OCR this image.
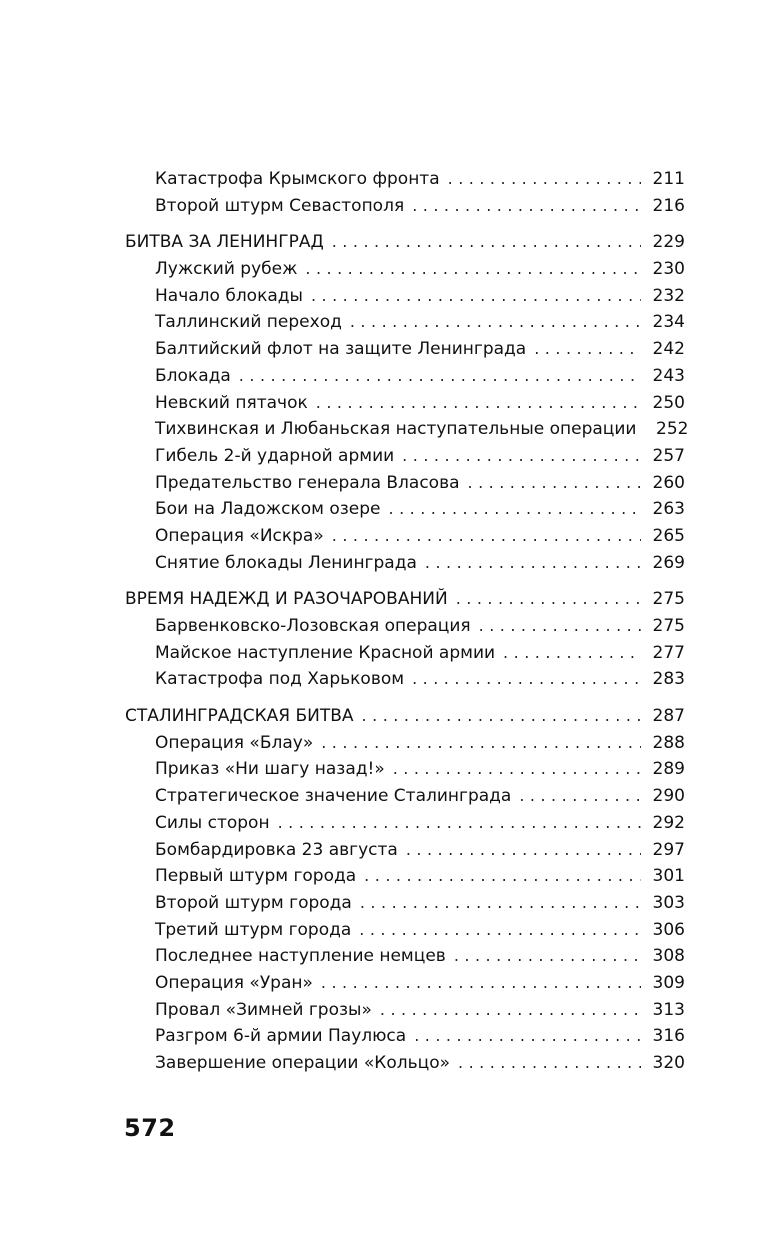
Катастрофа Крымского фронта . . .	211
Второй штурм Севастополя . . .	216
БИТВА ЗА ЛЕНИНГРАД . . .	229
Лужский рубеж . . .	230
Начало блокады . . .	232
Таллинский переход . . .	234
Балтийский флот на защите Ленинграда . . .	242
Блокада . . .	243
Невский пятачок . . .	250
Тихвинская и Любаньская наступательные операции . . .	252
Гибель 2-й ударной армии . . .	257
Предательство генерала Власова . . .	260
Бои на Ладожском озере . . .	263
Операция «Искра» . . .	265
Снятие блокады Ленинграда . . .	269
ВРЕМЯ НАДЕЖД И РАЗОЧАРОВАНИЙ . . .	275
Барвенковско-Лозовская операция . . .	275
Майское наступление Красной армии . . .	277
Катастрофа под Харьковом . . .	283
СТАЛИНГРАДСКАЯ БИТВА . . .	287
Операция «Блау» . . .	288
Приказ «Ни шагу назад!» . . .	289
Стратегическое значение Сталинграда . . .	290
Силы сторон . . .	292
Бомбардировка 23 августа . . .	297
Первый штурм города . . .	301
Второй штурм города . . .	303
Третий штурм города . . .	306
Последнее наступление немцев . . .	308
Операция «Уран» . . .	309
Провал «Зимней грозы» . . .	313
Разгром 6-й армии Паулюса . . .	316
Завершение операции «Кольцо» . . .	320
572
